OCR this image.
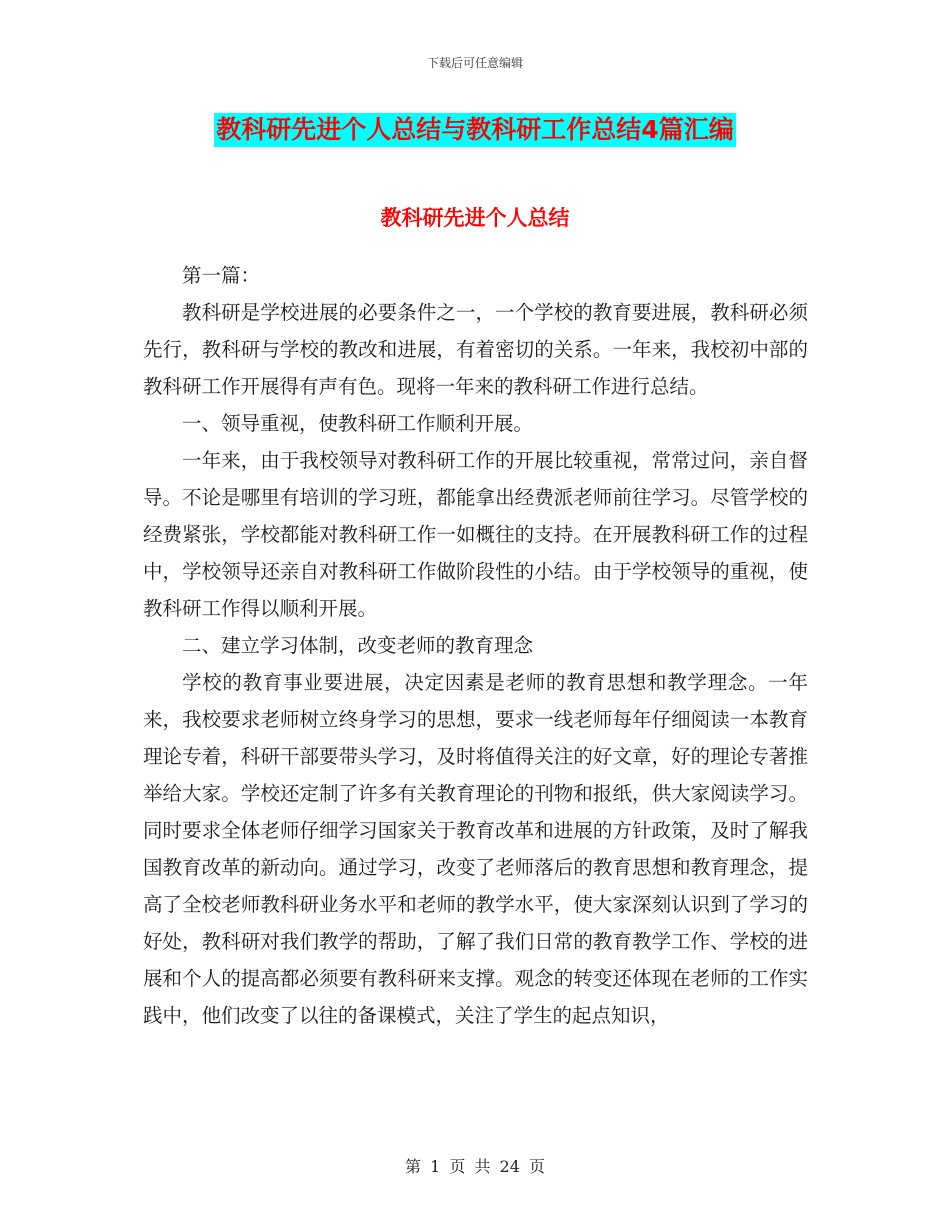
下载后可任意编辑
教科研先进个人总结与教科研工作总结4篇汇编
教科研先进个人总结

第一篇：

教科研是学校进展的必要条件之一，一个学校的教育要进展，教科研必须先行，教科研与学校的教改和进展，有着密切的关系。一年来，我校初中部的教科研工作开展得有声有色。现将一年来的教科研工作进行总结。

一、领导重视，使教科研工作顺利开展。

一年来，由于我校领导对教科研工作的开展比较重视，常常过问，亲自督导。不论是哪里有培训的学习班，都能拿出经费派老师前往学习。尽管学校的经费紧张，学校都能对教科研工作一如概往的支持。在开展教科研工作的过程中，学校领导还亲自对教科研工作做阶段性的小结。由于学校领导的重视，使教科研工作得以顺利开展。

二、建立学习体制，改变老师的教育理念

学校的教育事业要进展，决定因素是老师的教育思想和教学理念。一年来，我校要求老师树立终身学习的思想，要求一线老师每年仔细阅读一本教育理论专着，科研干部要带头学习，及时将值得关注的好文章，好的理论专著推举给大家。学校还定制了许多有关教育理论的刊物和报纸，供大家阅读学习。同时要求全体老师仔细学习国家关于教育改革和进展的方针政策，及时了解我国教育改革的新动向。通过学习，改变了老师落后的教育思想和教育理念，提高了全校老师教科研业务水平和老师的教学水平，使大家深刻认识到了学习的好处，教科研对我们教学的帮助，了解了我们日常的教育教学工作、学校的进展和个人的提高都必须要有教科研来支撑。观念的转变还体现在老师的工作实践中，他们改变了以往的备课模式，关注了学生的起点知识，

第 1 页 共 24 页
